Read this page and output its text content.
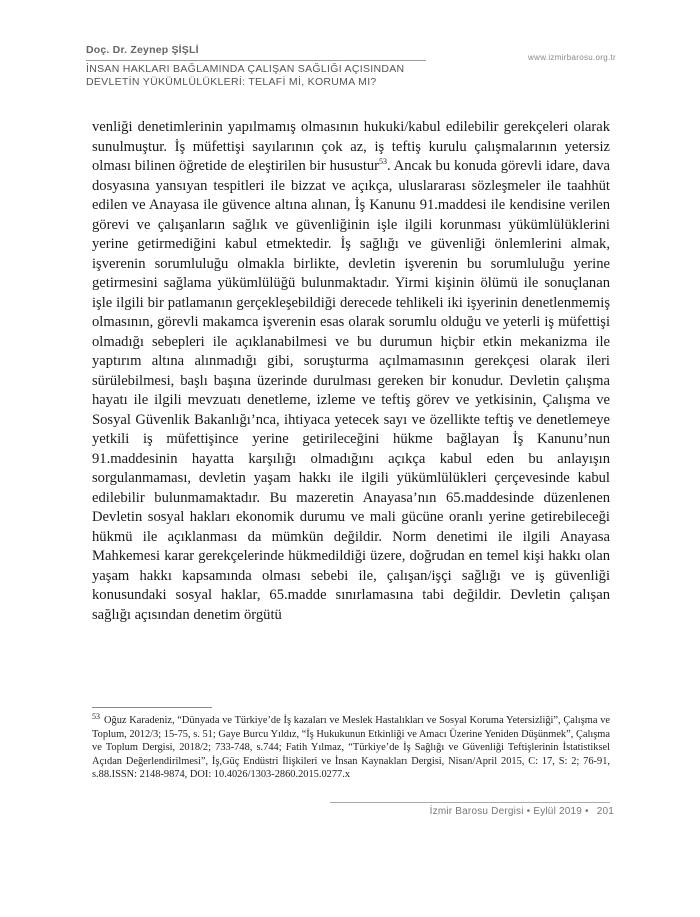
Doç. Dr. Zeynep ŞİŞLİ
İNSAN HAKLARI BAĞLAMINDA ÇALIŞAN SAĞLIĞI AÇISINDAN
DEVLETİN YÜKÜMLÜLÜKLERİ: TELAFİ Mİ, KORUMA MI?
www.izmirbarosu.org.tr

venliği denetimlerinin yapılmamış olmasının hukuki/kabul edilebilir gerekçeleri olarak sunulmuştur. İş müfettişi sayılarının çok az, iş teftiş kurulu çalışmalarının yetersiz olması bilinen öğretide de eleştirilen bir husustur$^{53}$. Ancak bu konuda görevli idare, dava dosyasına yansıyan tespitleri ile bizzat ve açıkça, uluslararası sözleşmeler ile taahhüt edilen ve Anayasa ile güvence altına alınan, İş Kanunu 91.maddesi ile kendisine verilen görevi ve çalışanların sağlık ve güvenliğinin işle ilgili korunması yükümlülüklerini yerine getirmediğini kabul etmektedir. İş sağlığı ve güvenliği önlemlerini almak, işverenin sorumluluğu olmakla birlikte, devletin işverenin bu sorumluluğu yerine getirmesini sağlama yükümlülüğü bulunmaktadır. Yirmi kişinin ölümü ile sonuçlanan işle ilgili bir patlamanın gerçekleşebildiği derecede tehlikeli iki işyerinin denetlenmemiş olmasının, görevli makamca işverenin esas olarak sorumlu olduğu ve yeterli iş müfettişi olmadığı sebepleri ile açıklanabilmesi ve bu durumun hiçbir etkin mekanizma ile yaptırım altına alınmadığı gibi, soruşturma açılmamasının gerekçesi olarak ileri sürülebilmesi, başlı başına üzerinde durulması gereken bir konudur. Devletin çalışma hayatı ile ilgili mevzuatı denetleme, izleme ve teftiş görev ve yetkisinin, Çalışma ve Sosyal Güvenlik Bakanlığı’nca, ihtiyaca yetecek sayı ve özellikte teftiş ve denetlemeye yetkili iş müfettişince yerine getirileceğini hükme bağlayan İş Kanunu’nun 91.maddesinin hayatta karşılığı olmadığını açıkça kabul eden bu anlayışın sorgulanmaması, devletin yaşam hakkı ile ilgili yükümlülükleri çerçevesinde kabul edilebilir bulunmamaktadır. Bu mazeretin Anayasa’nın 65.maddesinde düzenlenen Devletin sosyal hakları ekonomik durumu ve mali gücüne oranlı yerine getirebileceği hükmü ile açıklanması da mümkün değildir. Norm denetimi ile ilgili Anayasa Mahkemesi karar gerekçelerinde hükmedildiği üzere, doğrudan en temel kişi hakkı olan yaşam hakkı kapsamında olması sebebi ile, çalışan/işçi sağlığı ve iş güvenliği konusundaki sosyal haklar, 65.madde sınırlamasına tabi değildir. Devletin çalışan sağlığı açısından denetim örgütü

$^{53}$ Oğuz Karadeniz, “Dünyada ve Türkiye’de İş kazaları ve Meslek Hastalıkları ve Sosyal Koruma Yetersizliği”, Çalışma ve Toplum, 2012/3; 15-75, s. 51; Gaye Burcu Yıldız, “İş Hukukunun Etkinliği ve Amacı Üzerine Yeniden Düşünmek”, Çalışma ve Toplum Dergisi, 2018/2; 733-748, s.744; Fatih Yılmaz, “Türkiye’de İş Sağlığı ve Güvenliği Teftişlerinin İstatistiksel Açıdan Değerlendirilmesi”, İş,Güç Endüstri İlişkileri ve İnsan Kaynakları Dergisi, Nisan/April 2015, C: 17, S: 2; 76-91, s.88.ISSN: 2148-9874, DOI: 10.4026/1303-2860.2015.0277.x
İzmir Barosu Dergisi • Eylül 2019 • 201
